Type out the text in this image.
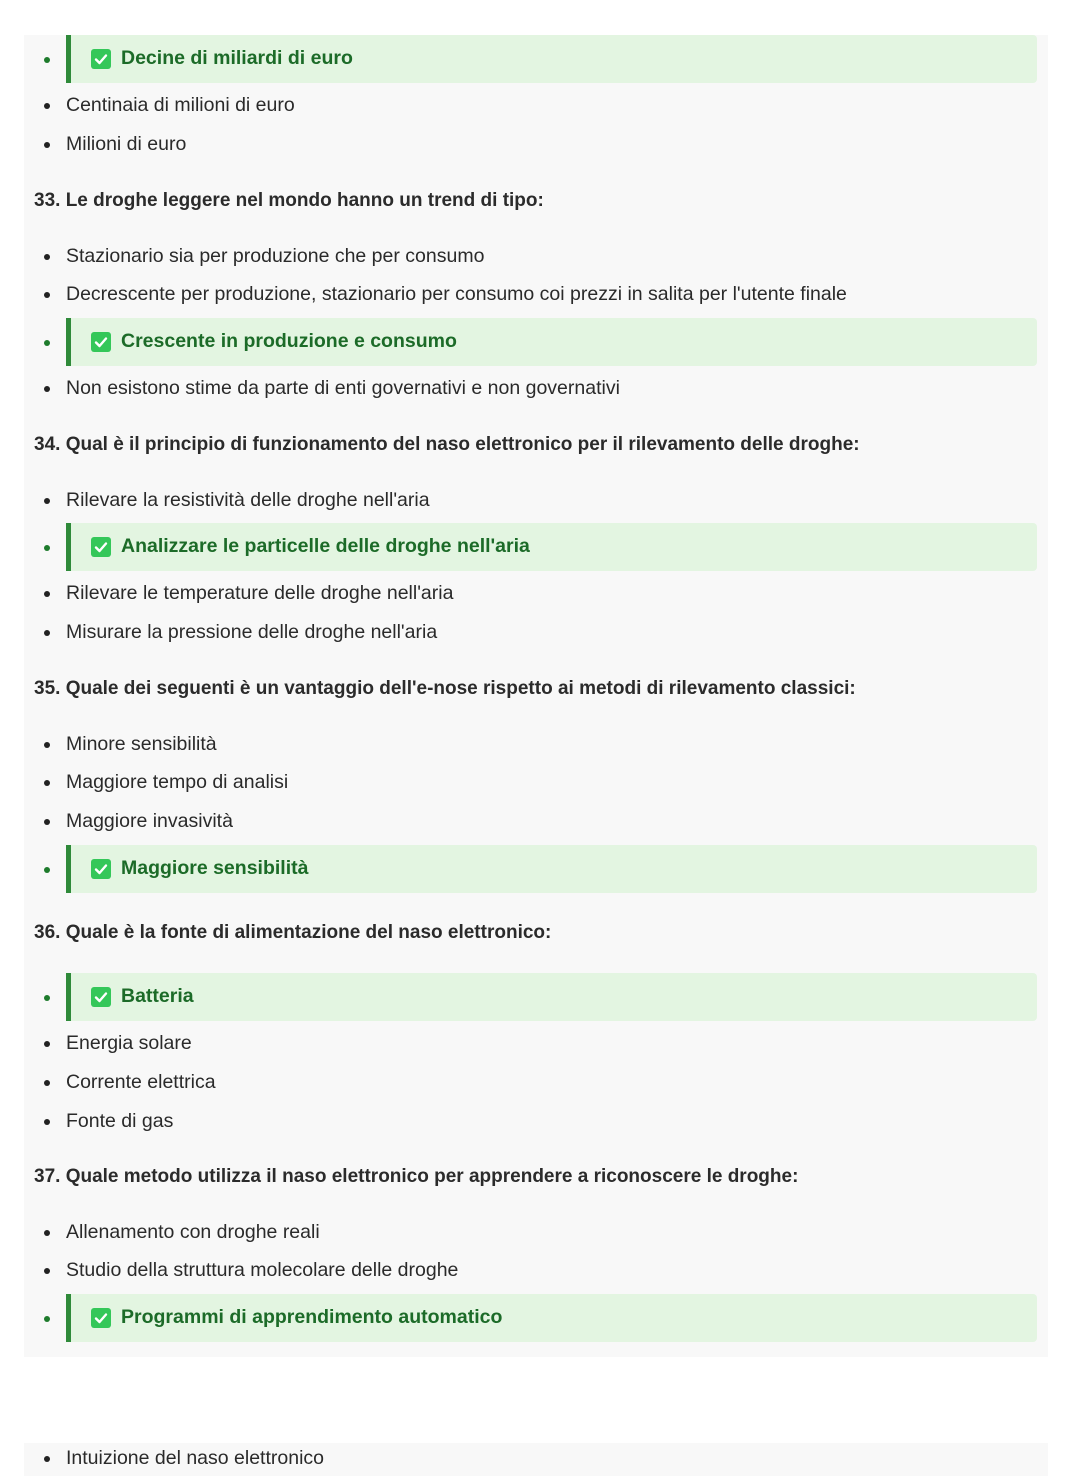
Decine di miliardi di euro
Centinaia di milioni di euro
Milioni di euro
33. Le droghe leggere nel mondo hanno un trend di tipo:
Stazionario sia per produzione che per consumo
Decrescente per produzione, stazionario per consumo coi prezzi in salita per l'utente finale
Crescente in produzione e consumo
Non esistono stime da parte di enti governativi e non governativi
34. Qual è il principio di funzionamento del naso elettronico per il rilevamento delle droghe:
Rilevare la resistività delle droghe nell'aria
Analizzare le particelle delle droghe nell'aria
Rilevare le temperature delle droghe nell'aria
Misurare la pressione delle droghe nell'aria
35. Quale dei seguenti è un vantaggio dell'e-nose rispetto ai metodi di rilevamento classici:
Minore sensibilità
Maggiore tempo di analisi
Maggiore invasività
Maggiore sensibilità
36. Quale è la fonte di alimentazione del naso elettronico:
Batteria
Energia solare
Corrente elettrica
Fonte di gas
37. Quale metodo utilizza il naso elettronico per apprendere a riconoscere le droghe:
Allenamento con droghe reali
Studio della struttura molecolare delle droghe
Programmi di apprendimento automatico
Intuizione del naso elettronico
